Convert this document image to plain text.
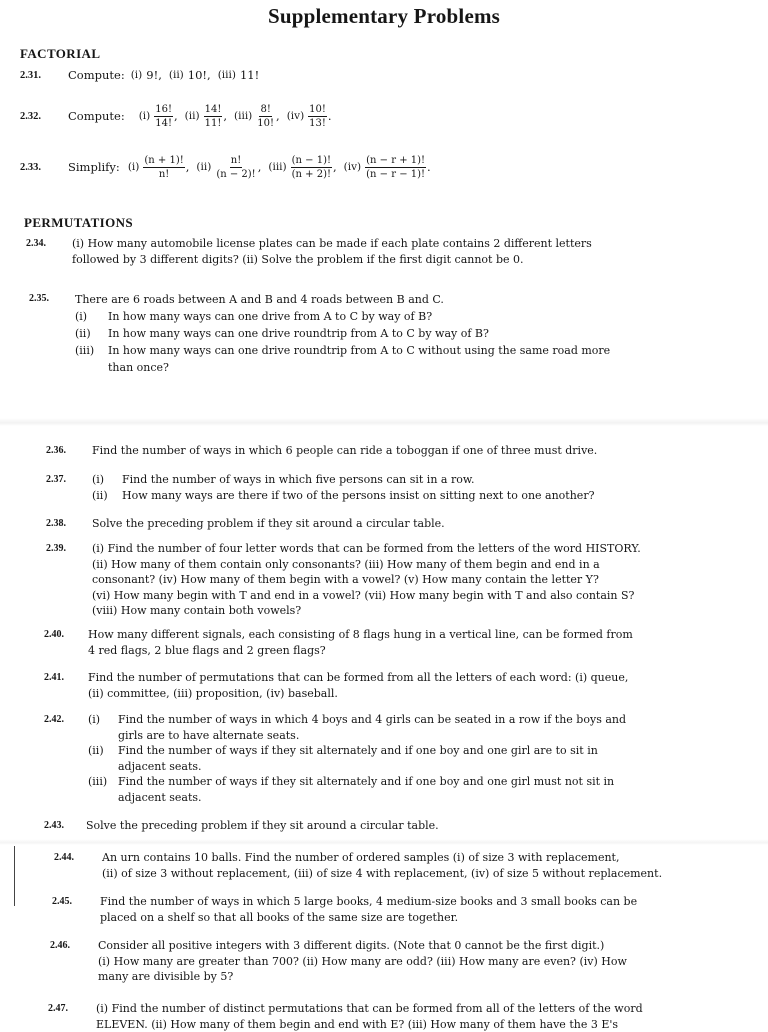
Supplementary Problems
FACTORIAL
2.31.	Compute: (i) 9!, (ii) 10!, (iii) 11!
2.32.	Compute: $(i) \frac{16!}{14!}$ , $(ii) \frac{14!}{11!}$ , $(iii) \frac{8!}{10!}$ , $(iv) \frac{10!}{13!}$ .
2.33.	Simplify: $(i) \frac{(n + 1)!}{n!}$ , $(ii) \frac{n!}{(n - 2)!}$ , $(iii) \frac{(n - 1)!}{(n + 2)!}$ , $(iv) \frac{(n - r + 1)!}{(n - r - 1)!}$ .
PERMUTATIONS
2.34. (i) How many automobile license plates can be made if each plate contains 2 different letters
followed by 3 different digits? (ii) Solve the problem if the first digit cannot be 0.
2.35. There are 6 roads between A and B and 4 roads between B and C.
(i)	In how many ways can one drive from A to C by way of B?
(ii)	In how many ways can one drive roundtrip from A to C by way of B?
(iii)	In how many ways can one drive roundtrip from A to C without using the same road more
than once?
2.36. Find the number of ways in which 6 people can ride a toboggan if one of three must drive.
2.37. (i)	Find the number of ways in which five persons can sit in a row.
(ii)	How many ways are there if two of the persons insist on sitting next to one another?
2.38. Solve the preceding problem if they sit around a circular table.
2.39. (i) Find the number of four letter words that can be formed from the letters of the word HISTORY.
(ii) How many of them contain only consonants? (iii) How many of them begin and end in a
consonant? (iv) How many of them begin with a vowel? (v) How many contain the letter Y?
(vi) How many begin with T and end in a vowel? (vii) How many begin with T and also contain S?
(viii) How many contain both vowels?
2.40. How many different signals, each consisting of 8 flags hung in a vertical line, can be formed from
4 red flags, 2 blue flags and 2 green flags?
2.41. Find the number of permutations that can be formed from all the letters of each word: (i) queue,
(ii) committee, (iii) proposition, (iv) baseball.
2.42. (i)	Find the number of ways in which 4 boys and 4 girls can be seated in a row if the boys and
girls are to have alternate seats.
(ii)	Find the number of ways if they sit alternately and if one boy and one girl are to sit in
adjacent seats.
(iii) Find the number of ways if they sit alternately and if one boy and one girl must not sit in
adjacent seats.
2.43. Solve the preceding problem if they sit around a circular table.
2.44.	An urn contains 10 balls. Find the number of ordered samples (i) of size 3 with replacement,
(ii) of size 3 without replacement, (iii) of size 4 with replacement, (iv) of size 5 without replacement.
2.45.	Find the number of ways in which 5 large books, 4 medium-size books and 3 small books can be
placed on a shelf so that all books of the same size are together.
2.46.	Consider all positive integers with 3 different digits. (Note that 0 cannot be the first digit.)
(i) How many are greater than 700? (ii) How many are odd? (iii) How many are even? (iv) How
many are divisible by 5?
2.47.	(i) Find the number of distinct permutations that can be formed from all of the letters of the word
ELEVEN. (ii) How many of them begin and end with E? (iii) How many of them have the 3 E's
